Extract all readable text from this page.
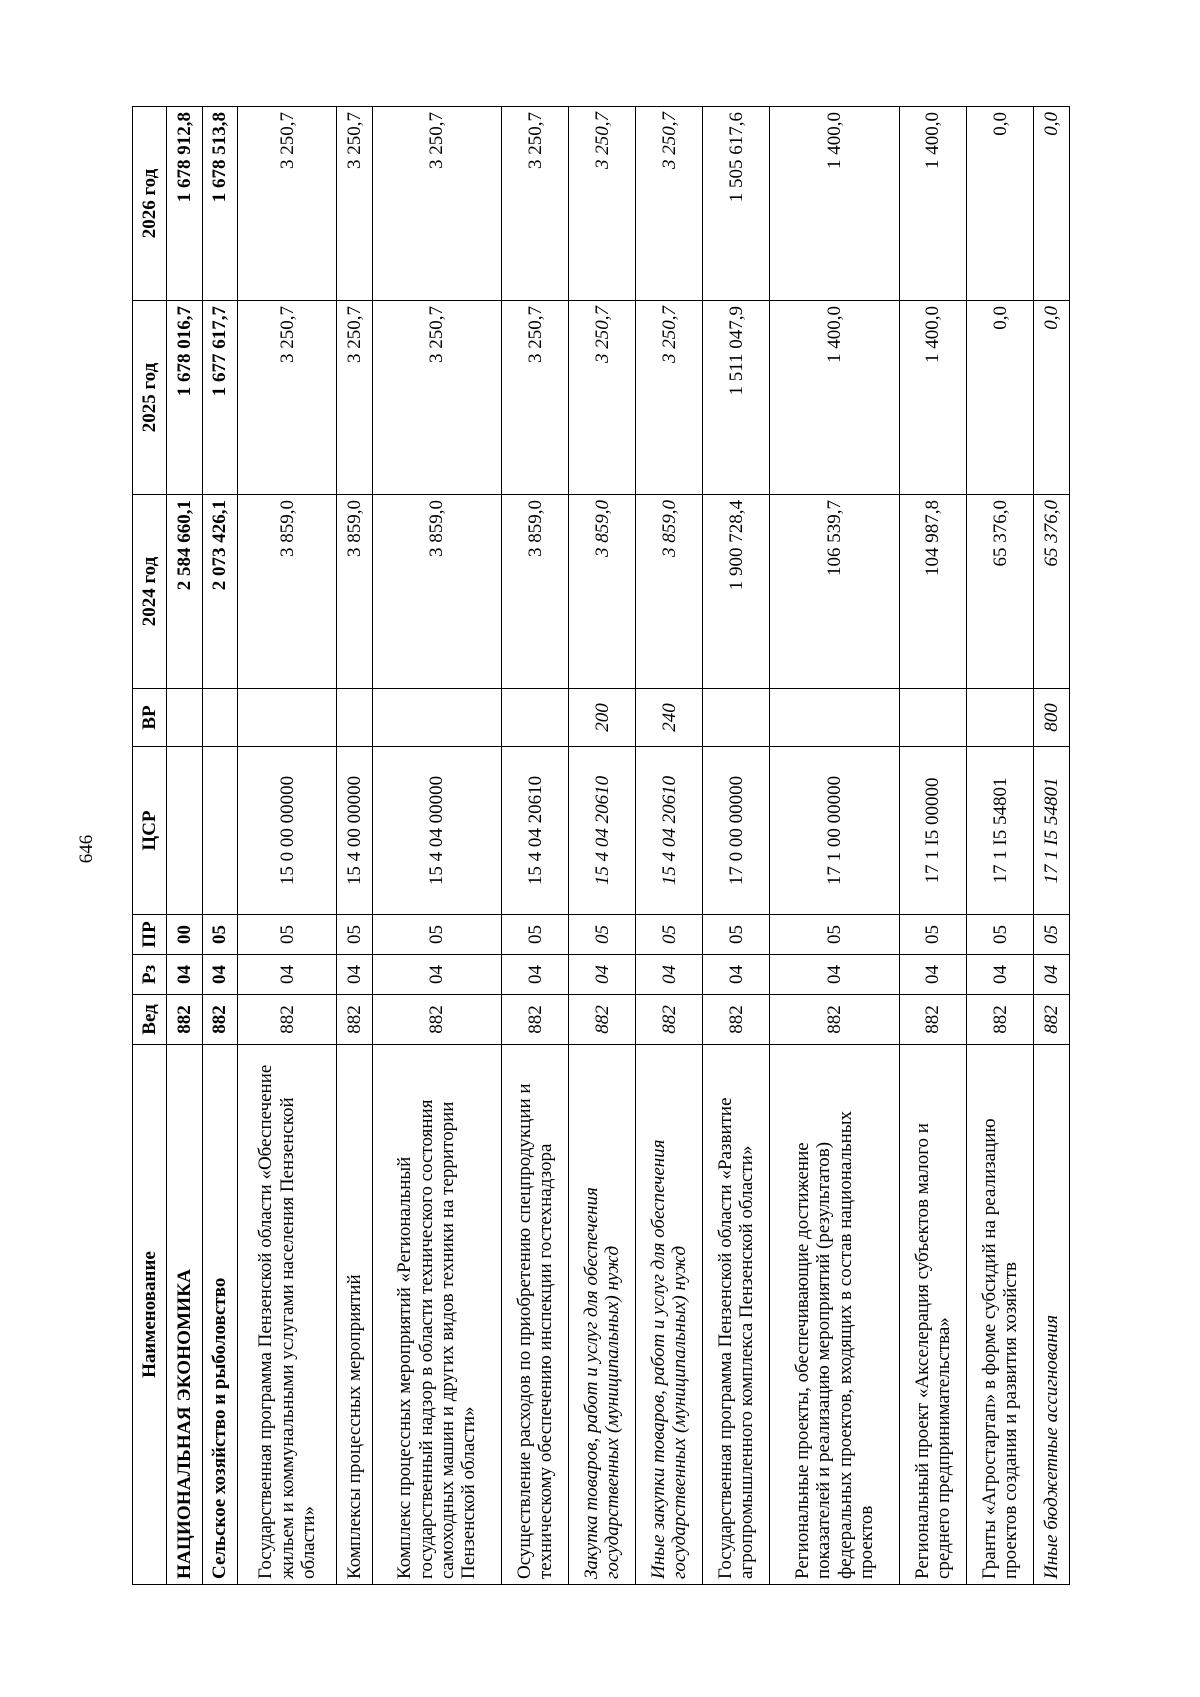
646
Наименование	Вед	Рз	ПР	ЦСР	ВР	2024 год	2025 год	2026 год
НАЦИОНАЛЬНАЯ ЭКОНОМИКА	882	04	00			2 584 660,1	1 678 016,7	1 678 912,8
Сельское хозяйство и рыболовство	882	04	05			2 073 426,1	1 677 617,7	1 678 513,8
Государственная программа Пензенской области «Обеспечение жильем и коммунальными услугами населения Пензенской области»	882	04	05	15 0 00 00000		3 859,0	3 250,7	3 250,7
Комплексы процессных мероприятий	882	04	05	15 4 00 00000		3 859,0	3 250,7	3 250,7
Комплекс процессных мероприятий «Региональный государственный надзор в области технического состояния самоходных машин и других видов техники на территории Пензенской области»	882	04	05	15 4 04 00000		3 859,0	3 250,7	3 250,7
Осуществление расходов по приобретению спецпродукции и техническому обеспечению инспекции гостехнадзора	882	04	05	15 4 04 20610		3 859,0	3 250,7	3 250,7
Закупка товаров, работ и услуг для обеспечения государственных (муниципальных) нужд	882	04	05	15 4 04 20610	200	3 859,0	3 250,7	3 250,7
Иные закупки товаров, работ и услуг для обеспечения государственных (муниципальных) нужд	882	04	05	15 4 04 20610	240	3 859,0	3 250,7	3 250,7
Государственная программа Пензенской области «Развитие агропромышленного комплекса Пензенской области»	882	04	05	17 0 00 00000		1 900 728,4	1 511 047,9	1 505 617,6
Региональные проекты, обеспечивающие достижение показателей и реализацию мероприятий (результатов) федеральных проектов, входящих в состав национальных проектов	882	04	05	17 1 00 00000		106 539,7	1 400,0	1 400,0
Региональный проект «Акселерация субъектов малого и среднего предпринимательства»	882	04	05	17 1 I5 00000		104 987,8	1 400,0	1 400,0
Гранты «Агростартап» в форме субсидий на реализацию проектов создания и развития хозяйств	882	04	05	17 1 I5 54801		65 376,0	0,0	0,0
Иные бюджетные ассигнования	882	04	05	17 1 I5 54801	800	65 376,0	0,0	0,0
